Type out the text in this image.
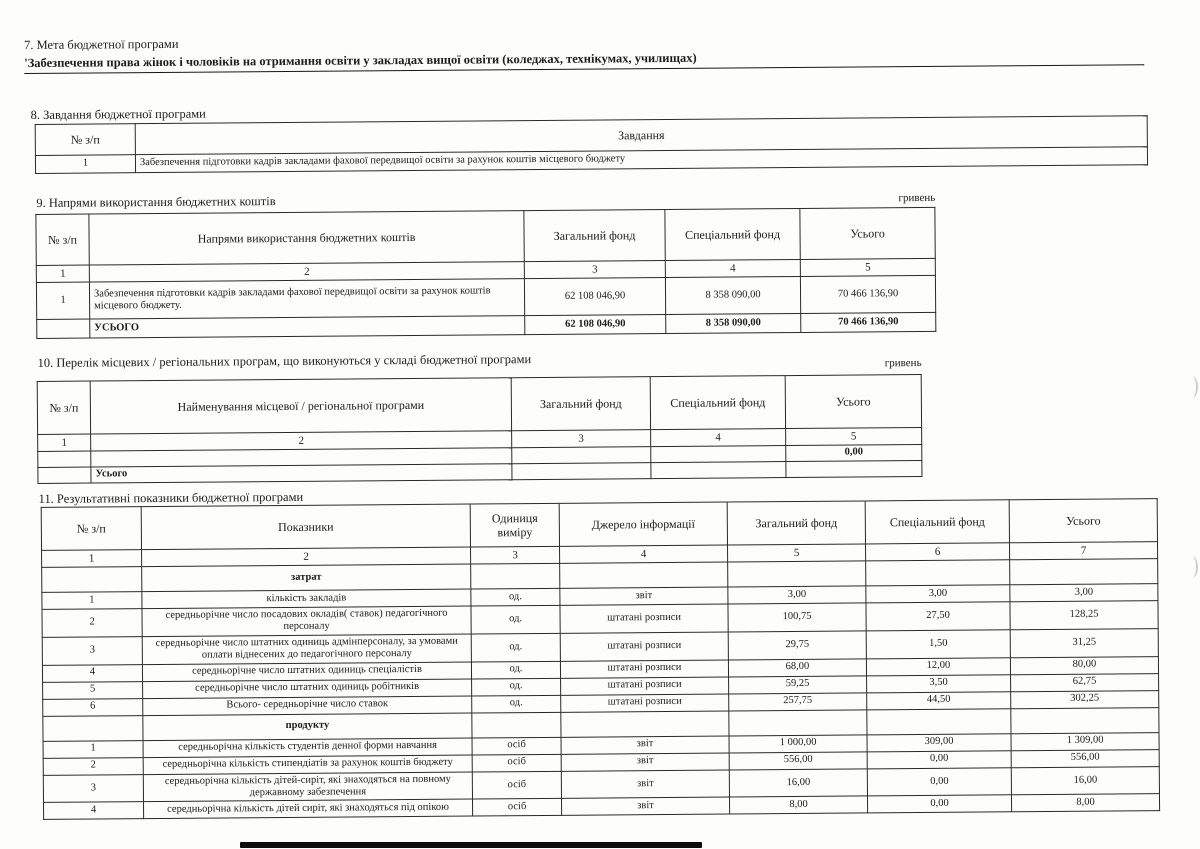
7. Мета бюджетної програми
'Забезпечення права жінок і чоловіків на отримання освіти у закладах вищої освіти (коледжах, технікумах, училищах)
8. Завдання бюджетної програми
№ з/п	Завдання
1	Забезпечення підготовки кадрів закладами фахової передвищої освіти за рахунок коштів місцевого бюджету
9. Напрями використання бюджетних коштів	гривень
№ з/п	Напрями використання бюджетних коштів	Загальний фонд	Спеціальний фонд	Усього
1	2	3	4	5
1	Забезпечення підготовки кадрів закладами фахової передвищої освіти за рахунок коштів місцевого бюджету.	62 108 046,90	8 358 090,00	70 466 136,90
	УСЬОГО	62 108 046,90	8 358 090,00	70 466 136,90
10. Перелік місцевих / регіональних програм, що виконуються у складі бюджетної програми	гривень
№ з/п	Найменування місцевої / регіональної програми	Загальний фонд	Спеціальний фонд	Усього
1	2	3	4	5
				0,00
	Усього			
11. Результативні показники бюджетної програми
№ з/п	Показники	Одиниця виміру	Джерело інформації	Загальний фонд	Спеціальний фонд	Усього
1	2	3	4	5	6	7
	затрат					
1	кількість закладів	од.	звіт	3,00	3,00	3,00
2	середньорічне число посадових окладів( ставок) педагогічного персоналу	од.	штатані розписи	100,75	27,50	128,25
3	середньорічне число штатних одиниць адмінперсоналу, за умовами оплати віднесених до педагогічного персоналу	од.	штатані розписи	29,75	1,50	31,25
4	середньорічне число штатних одиниць спеціалістів	од.	штатані розписи	68,00	12,00	80,00
5	середньорічне число штатних одиниць робітників	од.	штатані розписи	59,25	3,50	62,75
6	Всього- середньорічне число ставок	од.	штатані розписи	257,75	44,50	302,25
	продукту					
1	середньорічна кількість студентів денної форми навчання	осіб	звіт	1 000,00	309,00	1 309,00
2	середньорічна кількість стипендіатів за рахунок коштів бюджету	осіб	звіт	556,00	0,00	556,00
3	середньорічна кількість дітей-сиріт, які знаходяться на повному державному забезпечення	осіб	звіт	16,00	0,00	16,00
4	середньорічна кількість дітей сиріт, які знаходяться під опікою	осіб	звіт	8,00	0,00	8,00
